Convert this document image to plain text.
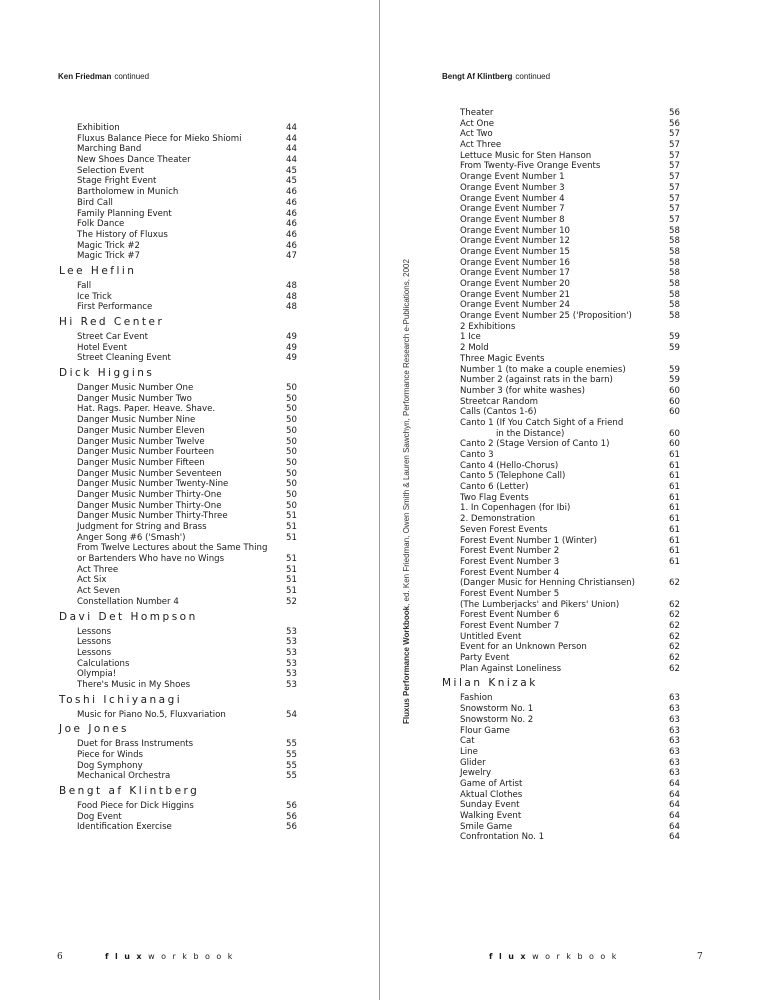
Ken Friedman continued
Exhibition	44
Fluxus Balance Piece for Mieko Shiomi	44
Marching Band	44
New Shoes Dance Theater	44
Selection Event	45
Stage Fright Event	45
Bartholomew in Munich	46
Bird Call	46
Family Planning Event	46
Folk Dance	46
The History of Fluxus	46
Magic Trick #2	46
Magic Trick #7	47
Lee Heflin
Fall	48
Ice Trick	48
First Performance	48
Hi Red Center
Street Car Event	49
Hotel Event	49
Street Cleaning Event	49
Dick Higgins
Danger Music Number One	50
Danger Music Number Two	50
Hat. Rags. Paper. Heave. Shave.	50
Danger Music Number Nine	50
Danger Music Number Eleven	50
Danger Music Number Twelve	50
Danger Music Number Fourteen	50
Danger Music Number Fifteen	50
Danger Music Number Seventeen	50
Danger Music Number Twenty-Nine	50
Danger Music Number Thirty-One	50
Danger Music Number Thirty-One	50
Danger Music Number Thirty-Three	51
Judgment for String and Brass	51
Anger Song #6 ('Smash')	51
From Twelve Lectures about the Same Thing
or Bartenders Who have no Wings	51
Act Three	51
Act Six	51
Act Seven	51
Constellation Number 4	52
Davi Det Hompson
Lessons	53
Lessons	53
Lessons	53
Calculations	53
Olympia!	53
There's Music in My Shoes	53
Toshi Ichiyanagi
Music for Piano No.5, Fluxvariation	54
Joe Jones
Duet for Brass Instruments	55
Piece for Winds	55
Dog Symphony	55
Mechanical Orchestra	55
Bengt af Klintberg
Food Piece for Dick Higgins	56
Dog Event	56
Identification Exercise	56
Bengt Af Klintberg continued
Theater	56
Act One	56
Act Two	57
Act Three	57
Lettuce Music for Sten Hanson	57
From Twenty-Five Orange Events	57
Orange Event Number 1	57
Orange Event Number 3	57
Orange Event Number 4	57
Orange Event Number 7	57
Orange Event Number 8	57
Orange Event Number 10	58
Orange Event Number 12	58
Orange Event Number 15	58
Orange Event Number 16	58
Orange Event Number 17	58
Orange Event Number 20	58
Orange Event Number 21	58
Orange Event Number 24	58
Orange Event Number 25 ('Proposition')	58
2 Exhibitions
1 Ice	59
2 Mold	59
Three Magic Events
Number 1 (to make a couple enemies)	59
Number 2 (against rats in the barn)	59
Number 3 (for white washes)	60
Streetcar Random	60
Calls (Cantos 1-6)	60
Canto 1 (If You Catch Sight of a Friend
in the Distance)	60
Canto 2 (Stage Version of Canto 1)	60
Canto 3	61
Canto 4 (Hello-Chorus)	61
Canto 5 (Telephone Call)	61
Canto 6 (Letter)	61
Two Flag Events	61
1. In Copenhagen (for Ibi)	61
2. Demonstration	61
Seven Forest Events	61
Forest Event Number 1 (Winter)	61
Forest Event Number 2	61
Forest Event Number 3	61
Forest Event Number 4
(Danger Music for Henning Christiansen)	62
Forest Event Number 5
(The Lumberjacks' and Pikers' Union)	62
Forest Event Number 6	62
Forest Event Number 7	62
Untitled Event	62
Event for an Unknown Person	62
Party Event	62
Plan Against Loneliness	62
Milan Knizak
Fashion	63
Snowstorm No. 1	63
Snowstorm No. 2	63
Flour Game	63
Cat	63
Line	63
Glider	63
Jewelry	63
Game of Artist	64
Aktual Clothes	64
Sunday Event	64
Walking Event	64
Smile Game	64
Confrontation No. 1	64
Fluxus Performance Workbook, ed. Ken Friedman, Owen Smith & Lauren Sawchyn, Performance Research e-Publications, 2002
6	fluxworkbook	fluxworkbook	7
